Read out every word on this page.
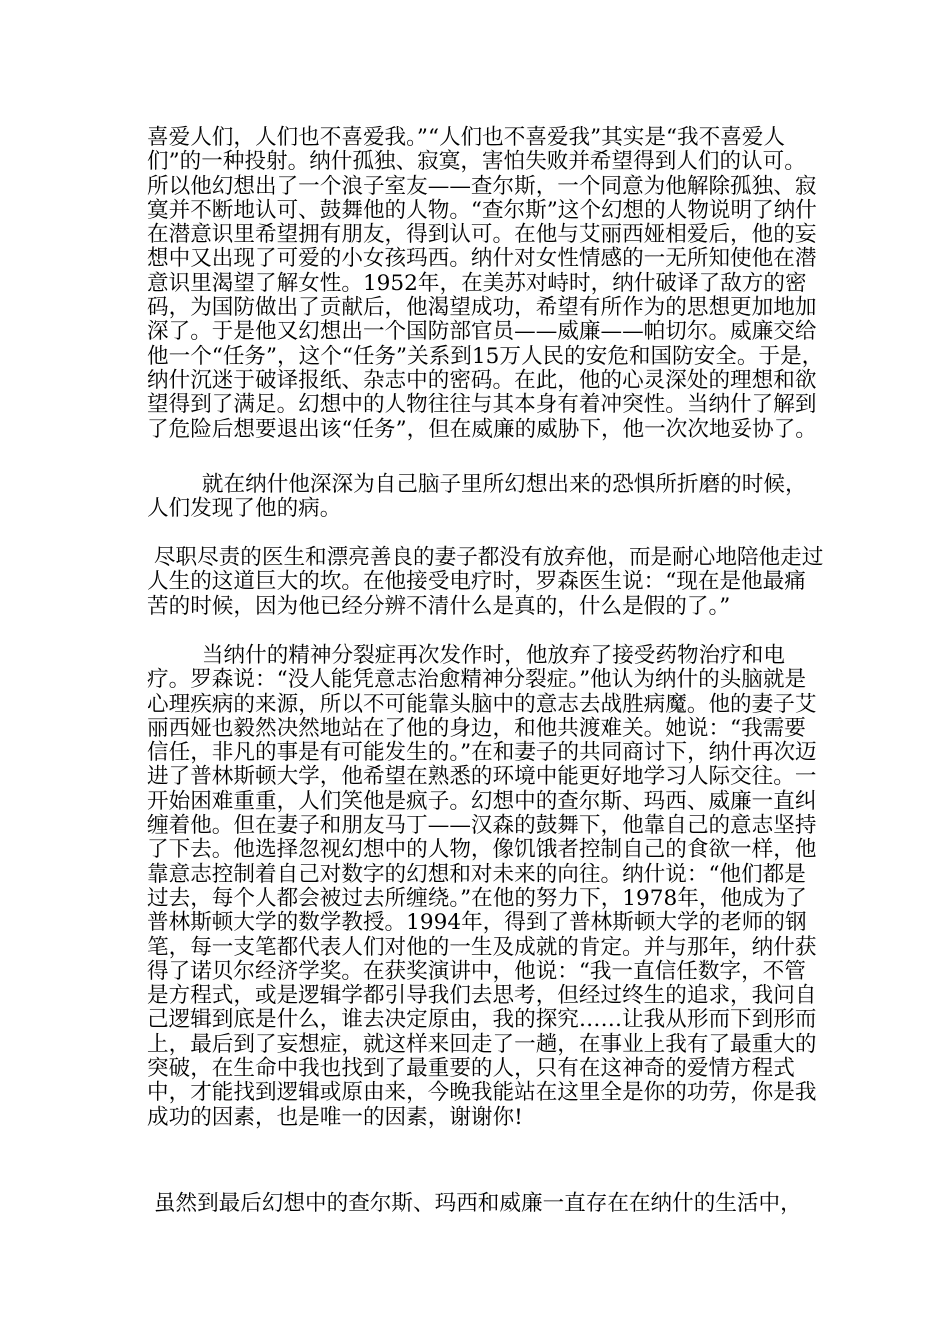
喜爱人们，人们也不喜爱我。”“人们也不喜爱我”其实是“我不喜爱人们”的一种投射。纳什孤独、寂寞，害怕失败并希望得到人们的认可。所以他幻想出了一个浪子室友——查尔斯，一个同意为他解除孤独、寂寞并不断地认可、鼓舞他的人物。“查尔斯”这个幻想的人物说明了纳什在潜意识里希望拥有朋友，得到认可。在他与艾丽西娅相爱后，他的妄想中又出现了可爱的小女孩玛西。纳什对女性情感的一无所知使他在潜意识里渴望了解女性。1952年，在美苏对峙时，纳什破译了敌方的密码，为国防做出了贡献后，他渴望成功，希望有所作为的思想更加地加深了。于是他又幻想出一个国防部官员——威廉——帕切尔。威廉交给他一个“任务”，这个“任务”关系到15万人民的安危和国防安全。于是，纳什沉迷于破译报纸、杂志中的密码。在此，他的心灵深处的理想和欲望得到了满足。幻想中的人物往往与其本身有着冲突性。当纳什了解到了危险后想要退出该“任务”，但在威廉的威胁下，他一次次地妥协了。

就在纳什他深深为自己脑子里所幻想出来的恐惧所折磨的时候，人们发现了他的病。

尽职尽责的医生和漂亮善良的妻子都没有放弃他，而是耐心地陪他走过人生的这道巨大的坎。在他接受电疗时，罗森医生说：“现在是他最痛苦的时候，因为他已经分辨不清什么是真的，什么是假的了。”

当纳什的精神分裂症再次发作时，他放弃了接受药物治疗和电疗。罗森说：“没人能凭意志治愈精神分裂症。”他认为纳什的头脑就是心理疾病的来源，所以不可能靠头脑中的意志去战胜病魔。他的妻子艾丽西娅也毅然决然地站在了他的身边，和他共渡难关。她说：“我需要信任，非凡的事是有可能发生的。”在和妻子的共同商讨下，纳什再次迈进了普林斯顿大学，他希望在熟悉的环境中能更好地学习人际交往。一开始困难重重，人们笑他是疯子。幻想中的查尔斯、玛西、威廉一直纠缠着他。但在妻子和朋友马丁——汉森的鼓舞下，他靠自己的意志坚持了下去。他选择忽视幻想中的人物，像饥饿者控制自己的食欲一样，他靠意志控制着自己对数字的幻想和对未来的向往。纳什说：“他们都是过去，每个人都会被过去所缠绕。”在他的努力下，1978年，他成为了普林斯顿大学的数学教授。1994年，得到了普林斯顿大学的老师的钢笔，每一支笔都代表人们对他的一生及成就的肯定。并与那年，纳什获得了诺贝尔经济学奖。在获奖演讲中，他说：“我一直信任数字，不管是方程式，或是逻辑学都引导我们去思考，但经过终生的追求，我问自己逻辑到底是什么，谁去决定原由，我的探究……让我从形而下到形而上，最后到了妄想症，就这样来回走了一趟，在事业上我有了最重大的突破，在生命中我也找到了最重要的人，只有在这神奇的爱情方程式中，才能找到逻辑或原由来，今晚我能站在这里全是你的功劳，你是我成功的因素，也是唯一的因素，谢谢你!

虽然到最后幻想中的查尔斯、玛西和威廉一直存在在纳什的生活中，
